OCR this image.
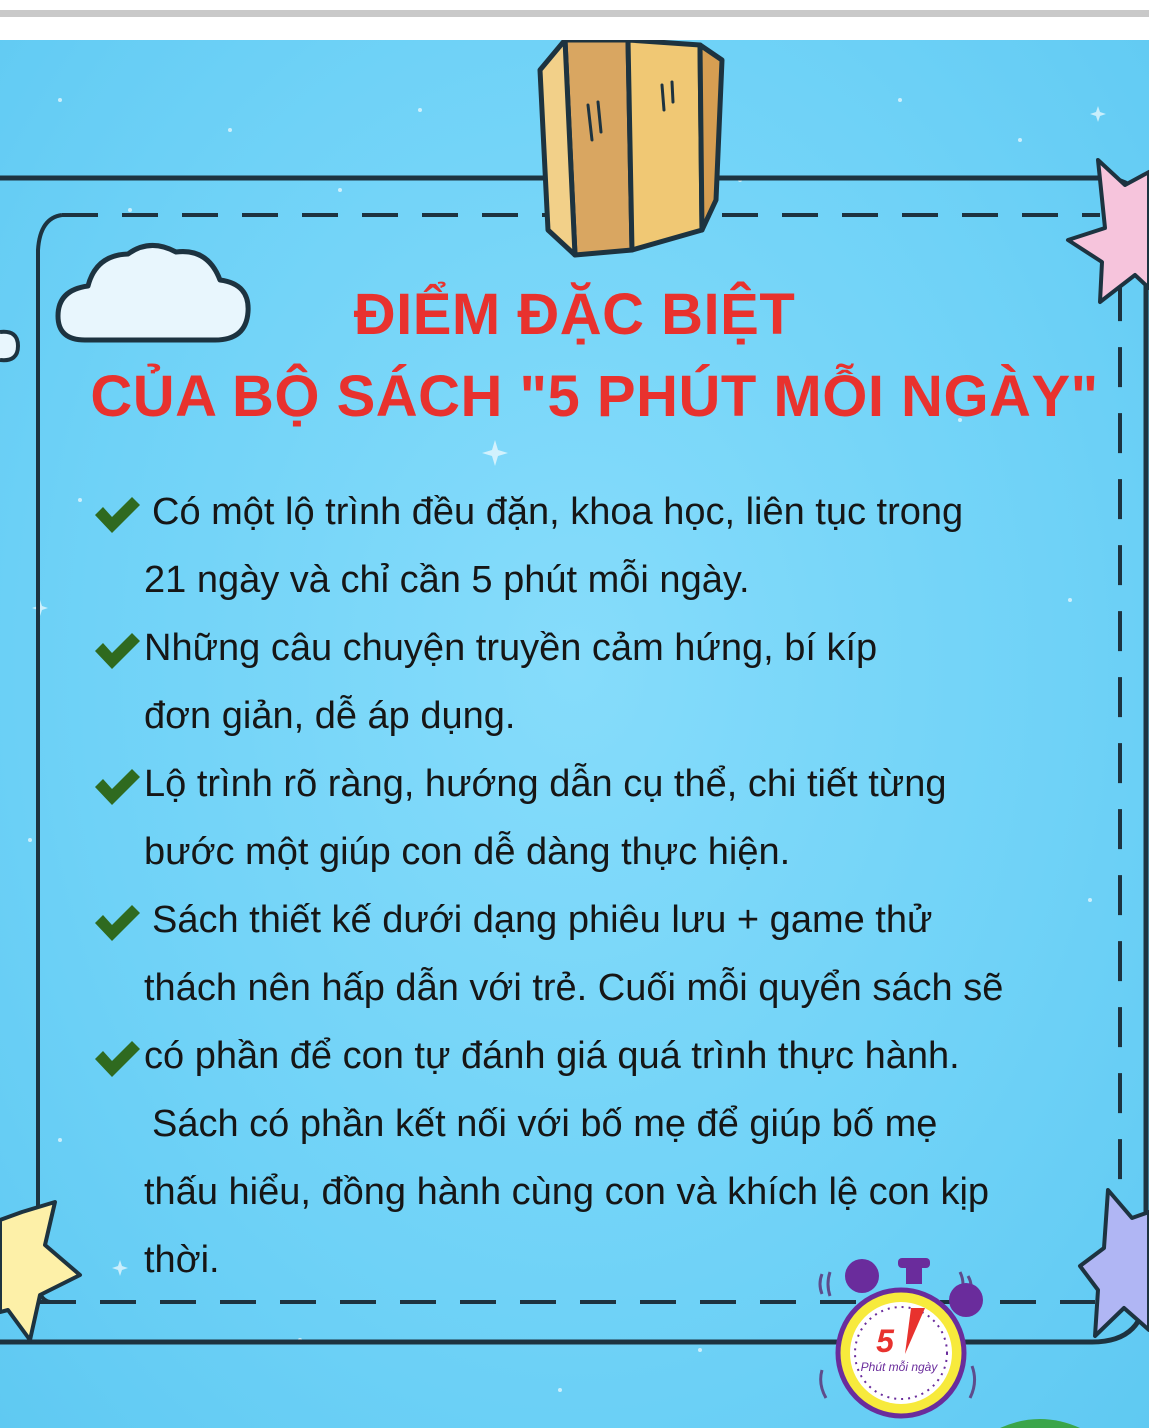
5
Phút mỗi ngày
ĐIỂM ĐẶC BIỆT
CỦA BỘ SÁCH "5 PHÚT MỖI NGÀY"
Có một lộ trình đều đặn, khoa học, liên tục trong
21 ngày và chỉ cần 5 phút mỗi ngày.
Những câu chuyện truyền cảm hứng, bí kíp
đơn giản, dễ áp dụng.
Lộ trình rõ ràng, hướng dẫn cụ thể, chi tiết từng
bước một giúp con dễ dàng thực hiện.
Sách thiết kế dưới dạng phiêu lưu + game thử
thách nên hấp dẫn với trẻ. Cuối mỗi quyển sách sẽ
có phần để con tự đánh giá quá trình thực hành.
Sách có phần kết nối với bố mẹ để giúp bố mẹ
thấu hiểu, đồng hành cùng con và khích lệ con kịp
thời.
